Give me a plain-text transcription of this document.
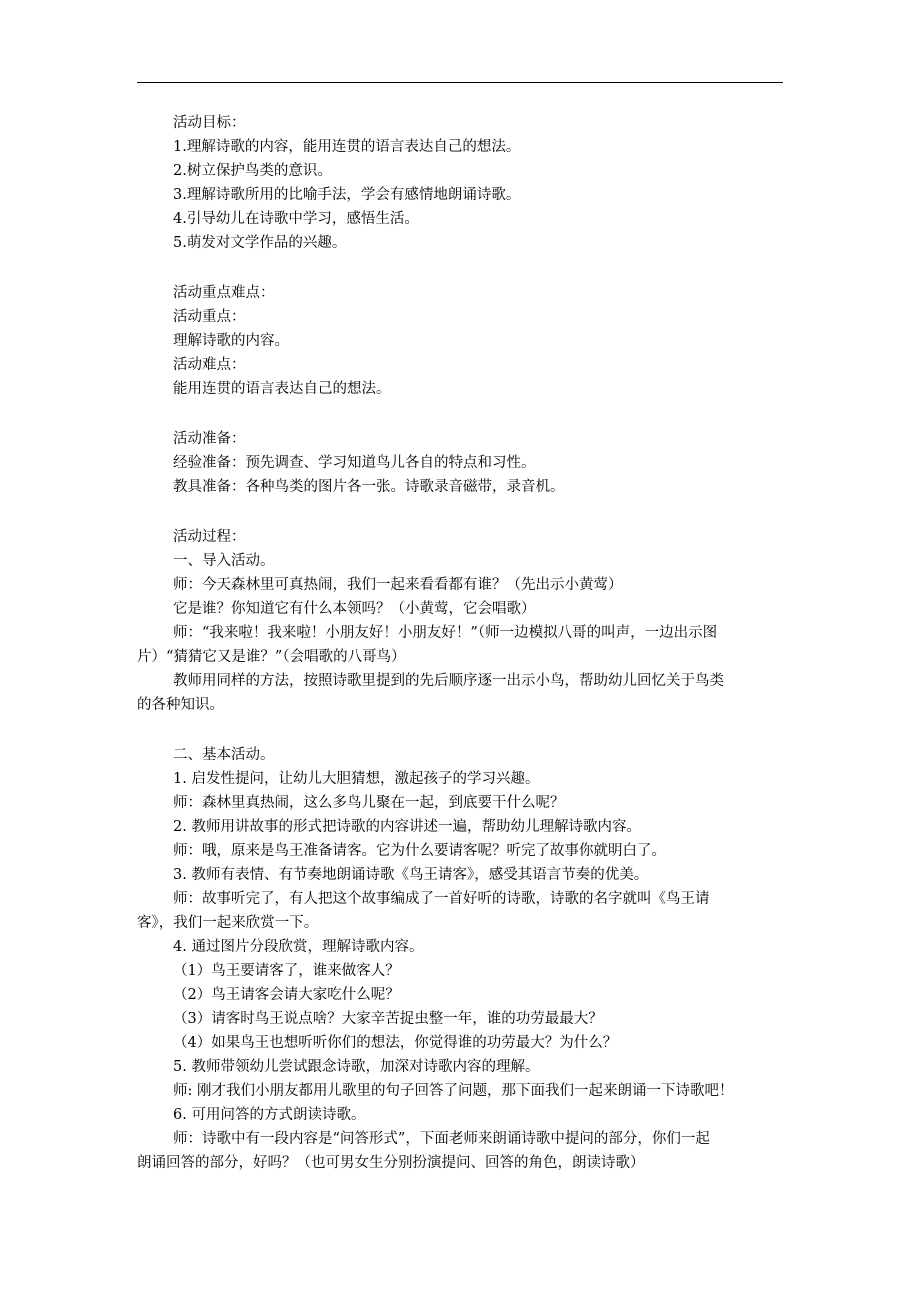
活动目标：
1.理解诗歌的内容，能用连贯的语言表达自己的想法。
2.树立保护鸟类的意识。
3.理解诗歌所用的比喻手法，学会有感情地朗诵诗歌。
4.引导幼儿在诗歌中学习，感悟生活。
5.萌发对文学作品的兴趣。
活动重点难点：
活动重点：
理解诗歌的内容。
活动难点：
能用连贯的语言表达自己的想法。
活动准备：
经验准备：预先调查、学习知道鸟儿各自的特点和习性。
教具准备：各种鸟类的图片各一张。诗歌录音磁带，录音机。
活动过程：
一、导入活动。
师：今天森林里可真热闹，我们一起来看看都有谁？（先出示小黄莺）
它是谁？你知道它有什么本领吗？（小黄莺，它会唱歌）
师：“我来啦！我来啦！小朋友好！小朋友好！”（师一边模拟八哥的叫声，一边出示图
片）“猜猜它又是谁？”（会唱歌的八哥鸟）
教师用同样的方法，按照诗歌里提到的先后顺序逐一出示小鸟，帮助幼儿回忆关于鸟类
的各种知识。
二、基本活动。
1. 启发性提问，让幼儿大胆猜想，激起孩子的学习兴趣。
师：森林里真热闹，这么多鸟儿聚在一起，到底要干什么呢？
2. 教师用讲故事的形式把诗歌的内容讲述一遍，帮助幼儿理解诗歌内容。
师：哦，原来是鸟王准备请客。它为什么要请客呢？听完了故事你就明白了。
3. 教师有表情、有节奏地朗诵诗歌《鸟王请客》，感受其语言节奏的优美。
师：故事听完了，有人把这个故事编成了一首好听的诗歌，诗歌的名字就叫《鸟王请
客》，我们一起来欣赏一下。
4. 通过图片分段欣赏，理解诗歌内容。
（1）鸟王要请客了，谁来做客人？
（2）鸟王请客会请大家吃什么呢？
（3）请客时鸟王说点啥？大家辛苦捉虫整一年，谁的功劳最最大？
（4）如果鸟王也想听听你们的想法，你觉得谁的功劳最大？为什么？
5. 教师带领幼儿尝试跟念诗歌，加深对诗歌内容的理解。
师: 刚才我们小朋友都用儿歌里的句子回答了问题，那下面我们一起来朗诵一下诗歌吧！
6. 可用问答的方式朗读诗歌。
师：诗歌中有一段内容是“问答形式”，下面老师来朗诵诗歌中提问的部分，你们一起
朗诵回答的部分，好吗？（也可男女生分别扮演提问、回答的角色，朗读诗歌）
